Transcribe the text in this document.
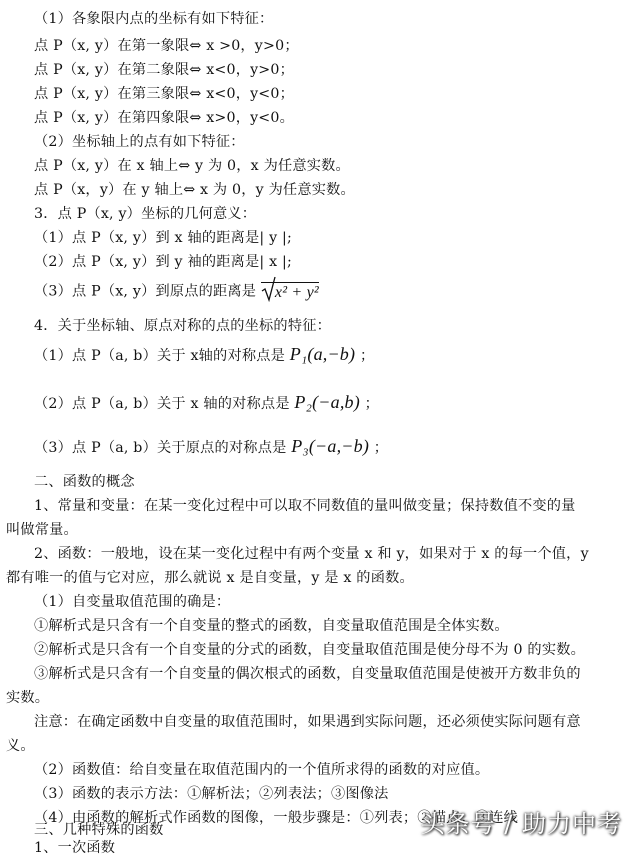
（1）各象限内点的坐标有如下特征：
点 P（x, y）在第一象限⇔ x >0，y>0；
点 P（x, y）在第二象限⇔ x<0，y>0；
点 P（x, y）在第三象限⇔ x<0，y<0；
点 P（x, y）在第四象限⇔ x>0，y<0。
（2）坐标轴上的点有如下特征：
点 P（x, y）在 x 轴上⇔ y 为 0，x 为任意实数。
点 P（x，y）在 y 轴上⇔ x 为 0，y 为任意实数。
3．点 P（x, y）坐标的几何意义：
（1）点 P（x, y）到 x 轴的距离是| y |;
（2）点 P（x, y）到 y 袖的距离是| x |;
（3）点 P（x, y）到原点的距离是 x² + y²
4．关于坐标轴、原点对称的点的坐标的特征：
（1）点 P（a, b）关于 x轴的对称点是 P₁(a,−b) ；
（2）点 P（a, b）关于 x 轴的对称点是 P₂(−a,b) ；
（3）点 P（a, b）关于原点的对称点是 P₃(−a,−b) ；
二、函数的概念
1、常量和变量：在某一变化过程中可以取不同数值的量叫做变量；保持数值不变的量
叫做常量。
2、函数：一般地，设在某一变化过程中有两个变量 x 和 y，如果对于 x 的每一个值，y
都有唯一的值与它对应，那么就说 x 是自变量，y 是 x 的函数。
（1）自变量取值范围的确是：
①解析式是只含有一个自变量的整式的函数，自变量取值范围是全体实数。
②解析式是只含有一个自变量的分式的函数，自变量取值范围是使分母不为 0 的实数。
③解析式是只含有一个自变量的偶次根式的函数，自变量取值范围是使被开方数非负的
实数。
注意：在确定函数中自变量的取值范围时，如果遇到实际问题，还必须使实际问题有意
义。
（2）函数值：给自变量在取值范围内的一个值所求得的函数的对应值。
（3）函数的表示方法：①解析法；②列表法；③图像法
（4）由函数的解析式作函数的图像，一般步骤是：①列表；②描点；③连线
三、几种特殊的函数
1、一次函数
头条号 / 助力中考
